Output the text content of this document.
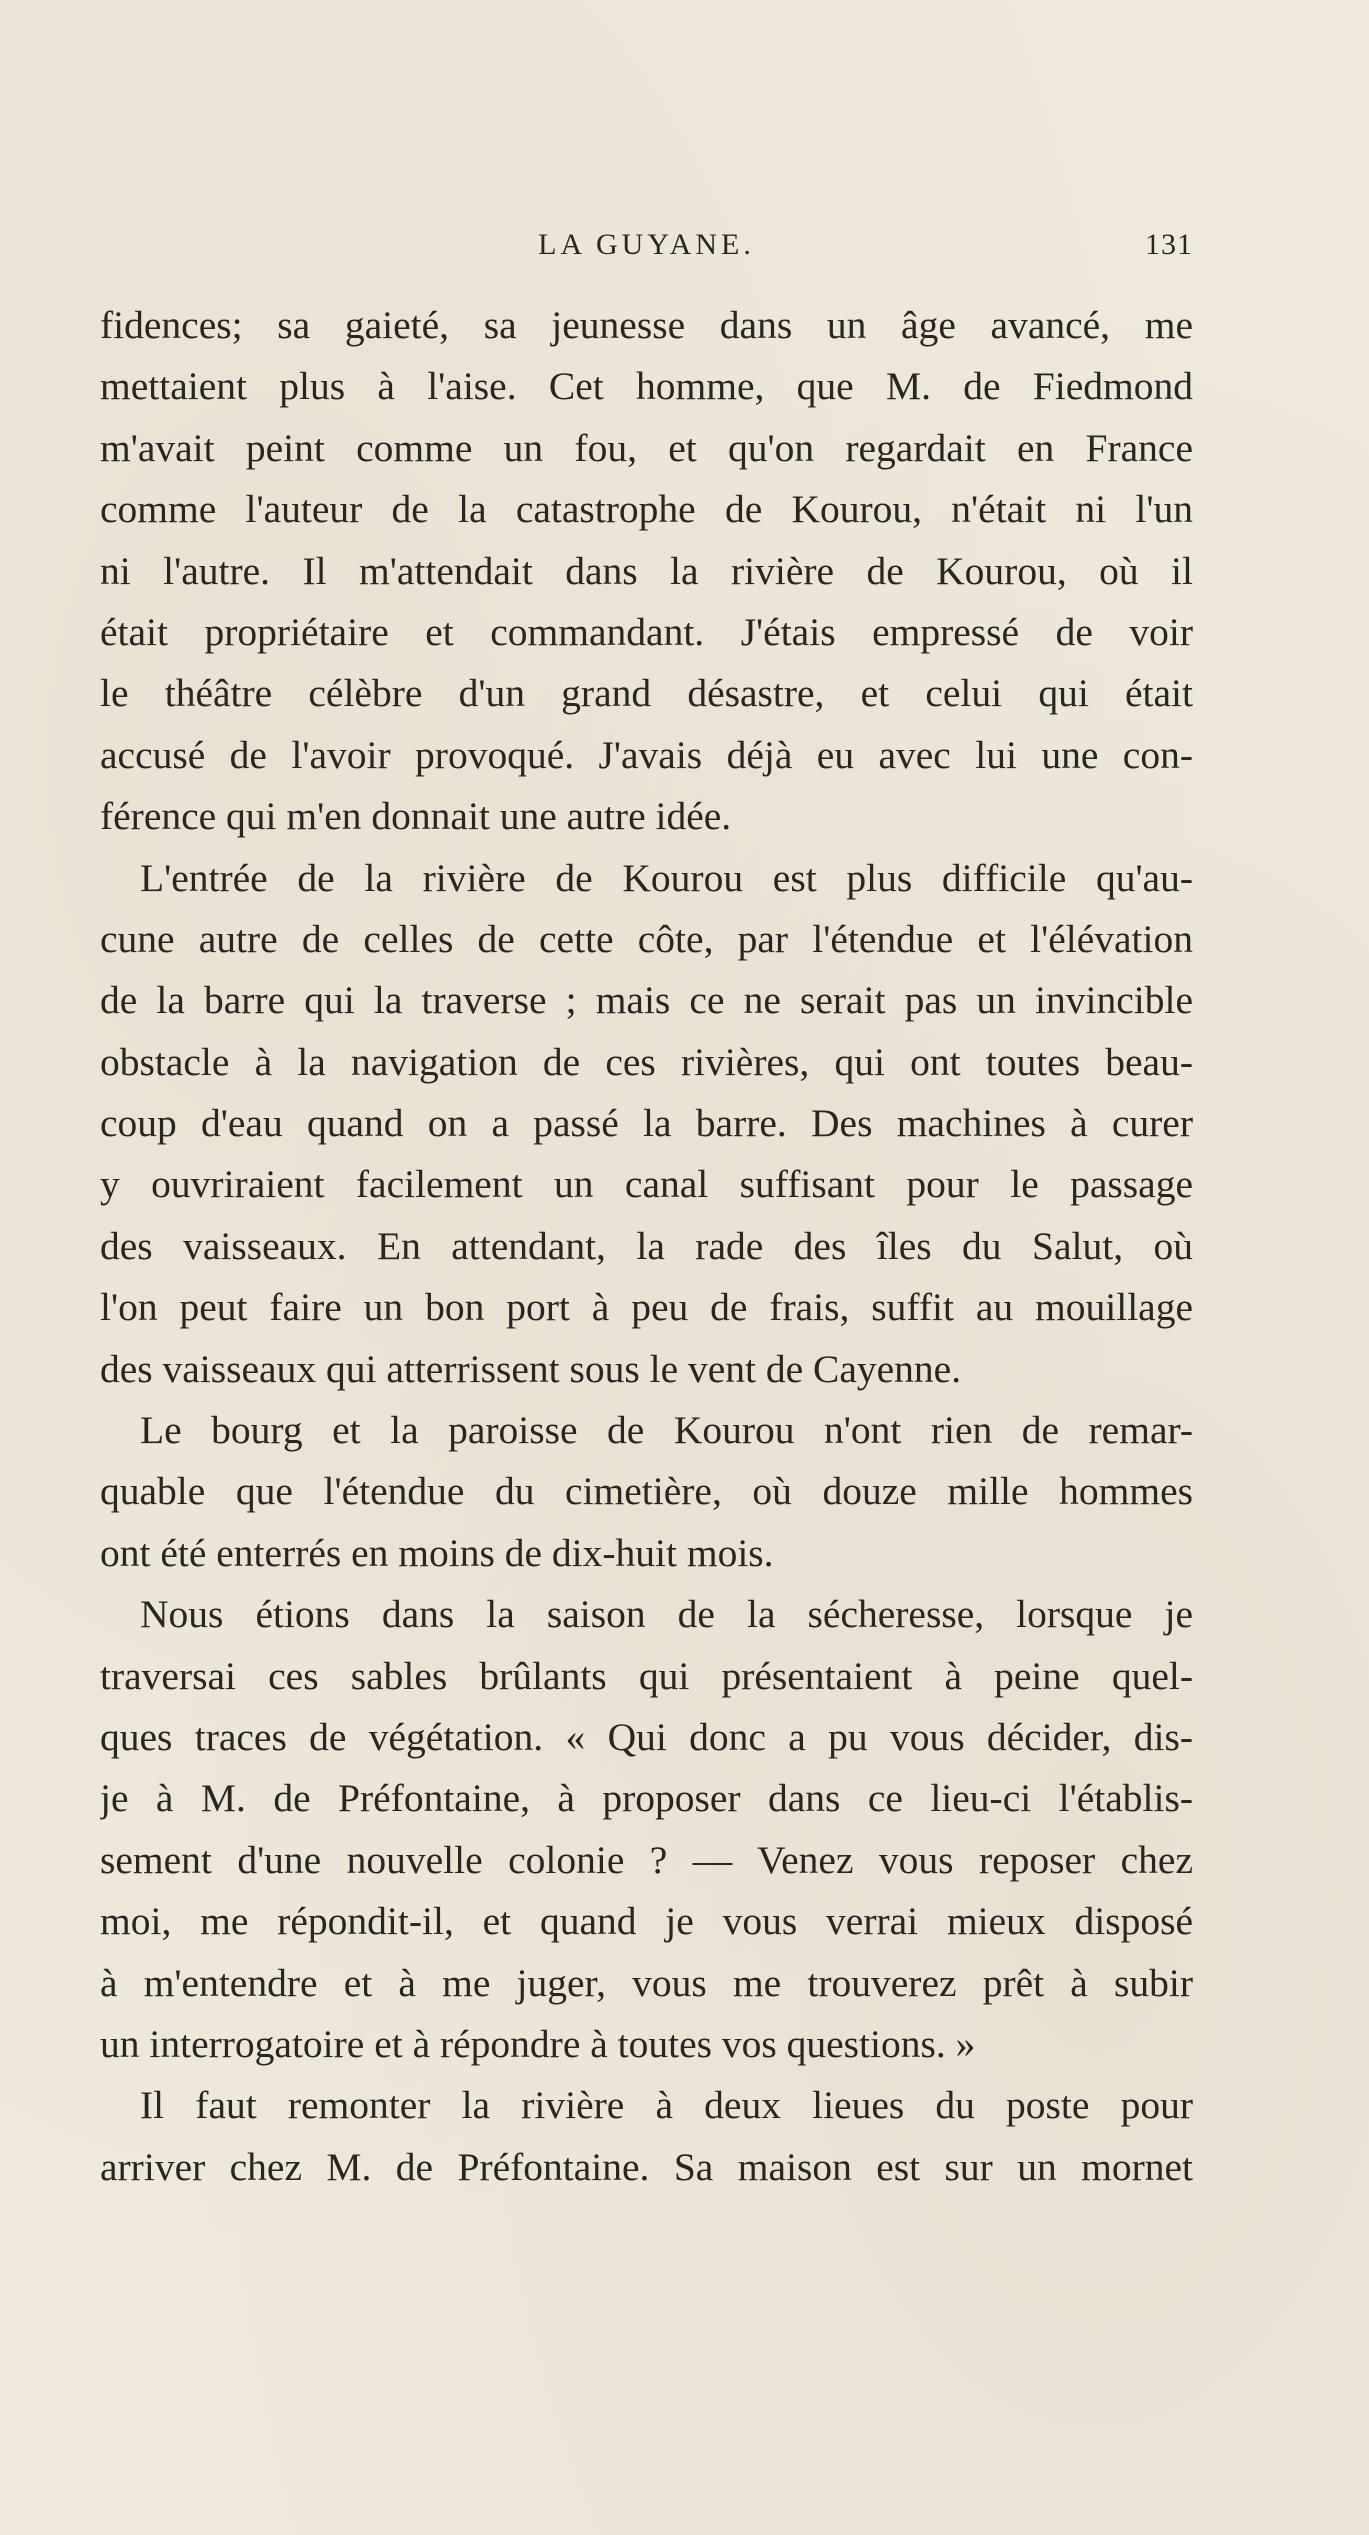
LA GUYANE.	131
fidences; sa gaieté, sa jeunesse dans un âge avancé, me
mettaient plus à l'aise. Cet homme, que M. de Fiedmond
m'avait peint comme un fou, et qu'on regardait en France
comme l'auteur de la catastrophe de Kourou, n'était ni l'un
ni l'autre. Il m'attendait dans la rivière de Kourou, où il
était propriétaire et commandant. J'étais empressé de voir
le théâtre célèbre d'un grand désastre, et celui qui était
accusé de l'avoir provoqué. J'avais déjà eu avec lui une con-
férence qui m'en donnait une autre idée.
L'entrée de la rivière de Kourou est plus difficile qu'au-
cune autre de celles de cette côte, par l'étendue et l'élévation
de la barre qui la traverse ; mais ce ne serait pas un invincible
obstacle à la navigation de ces rivières, qui ont toutes beau-
coup d'eau quand on a passé la barre. Des machines à curer
y ouvriraient facilement un canal suffisant pour le passage
des vaisseaux. En attendant, la rade des îles du Salut, où
l'on peut faire un bon port à peu de frais, suffit au mouillage
des vaisseaux qui atterrissent sous le vent de Cayenne.
Le bourg et la paroisse de Kourou n'ont rien de remar-
quable que l'étendue du cimetière, où douze mille hommes
ont été enterrés en moins de dix-huit mois.
Nous étions dans la saison de la sécheresse, lorsque je
traversai ces sables brûlants qui présentaient à peine quel-
ques traces de végétation. « Qui donc a pu vous décider, dis-
je à M. de Préfontaine, à proposer dans ce lieu-ci l'établis-
sement d'une nouvelle colonie ? — Venez vous reposer chez
moi, me répondit-il, et quand je vous verrai mieux disposé
à m'entendre et à me juger, vous me trouverez prêt à subir
un interrogatoire et à répondre à toutes vos questions. »
Il faut remonter la rivière à deux lieues du poste pour
arriver chez M. de Préfontaine. Sa maison est sur un mornet
